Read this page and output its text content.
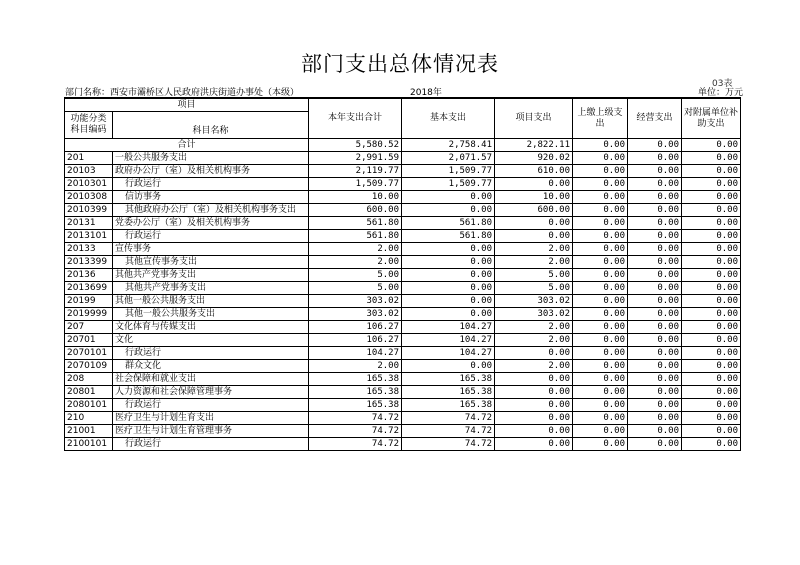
部门支出总体情况表
03表
部门名称：西安市灞桥区人民政府洪庆街道办事处（本级）	2018年	单位：万元
项目		本年支出合计	基本支出	项目支出	上缴上级支出	经营支出	对附属单位补助支出
功能分类科目编码							
	科目名称						
合计		5,580.52	2,758.41	2,822.11	0.00	0.00	0.00
201	一般公共服务支出	2,991.59	2,071.57	920.02	0.00	0.00	0.00
20103	政府办公厅（室）及相关机构事务	2,119.77	1,509.77	610.00	0.00	0.00	0.00
2010301	行政运行	1,509.77	1,509.77	0.00	0.00	0.00	0.00
2010308	信访事务	10.00	0.00	10.00	0.00	0.00	0.00
2010399	其他政府办公厅（室）及相关机构事务支出	600.00	0.00	600.00	0.00	0.00	0.00
20131	党委办公厅（室）及相关机构事务	561.80	561.80	0.00	0.00	0.00	0.00
2013101	行政运行	561.80	561.80	0.00	0.00	0.00	0.00
20133	宣传事务	2.00	0.00	2.00	0.00	0.00	0.00
2013399	其他宣传事务支出	2.00	0.00	2.00	0.00	0.00	0.00
20136	其他共产党事务支出	5.00	0.00	5.00	0.00	0.00	0.00
2013699	其他共产党事务支出	5.00	0.00	5.00	0.00	0.00	0.00
20199	其他一般公共服务支出	303.02	0.00	303.02	0.00	0.00	0.00
2019999	其他一般公共服务支出	303.02	0.00	303.02	0.00	0.00	0.00
207	文化体育与传媒支出	106.27	104.27	2.00	0.00	0.00	0.00
20701	文化	106.27	104.27	2.00	0.00	0.00	0.00
2070101	行政运行	104.27	104.27	0.00	0.00	0.00	0.00
2070109	群众文化	2.00	0.00	2.00	0.00	0.00	0.00
208	社会保障和就业支出	165.38	165.38	0.00	0.00	0.00	0.00
20801	人力资源和社会保障管理事务	165.38	165.38	0.00	0.00	0.00	0.00
2080101	行政运行	165.38	165.38	0.00	0.00	0.00	0.00
210	医疗卫生与计划生育支出	74.72	74.72	0.00	0.00	0.00	0.00
21001	医疗卫生与计划生育管理事务	74.72	74.72	0.00	0.00	0.00	0.00
2100101	行政运行	74.72	74.72	0.00	0.00	0.00	0.00
